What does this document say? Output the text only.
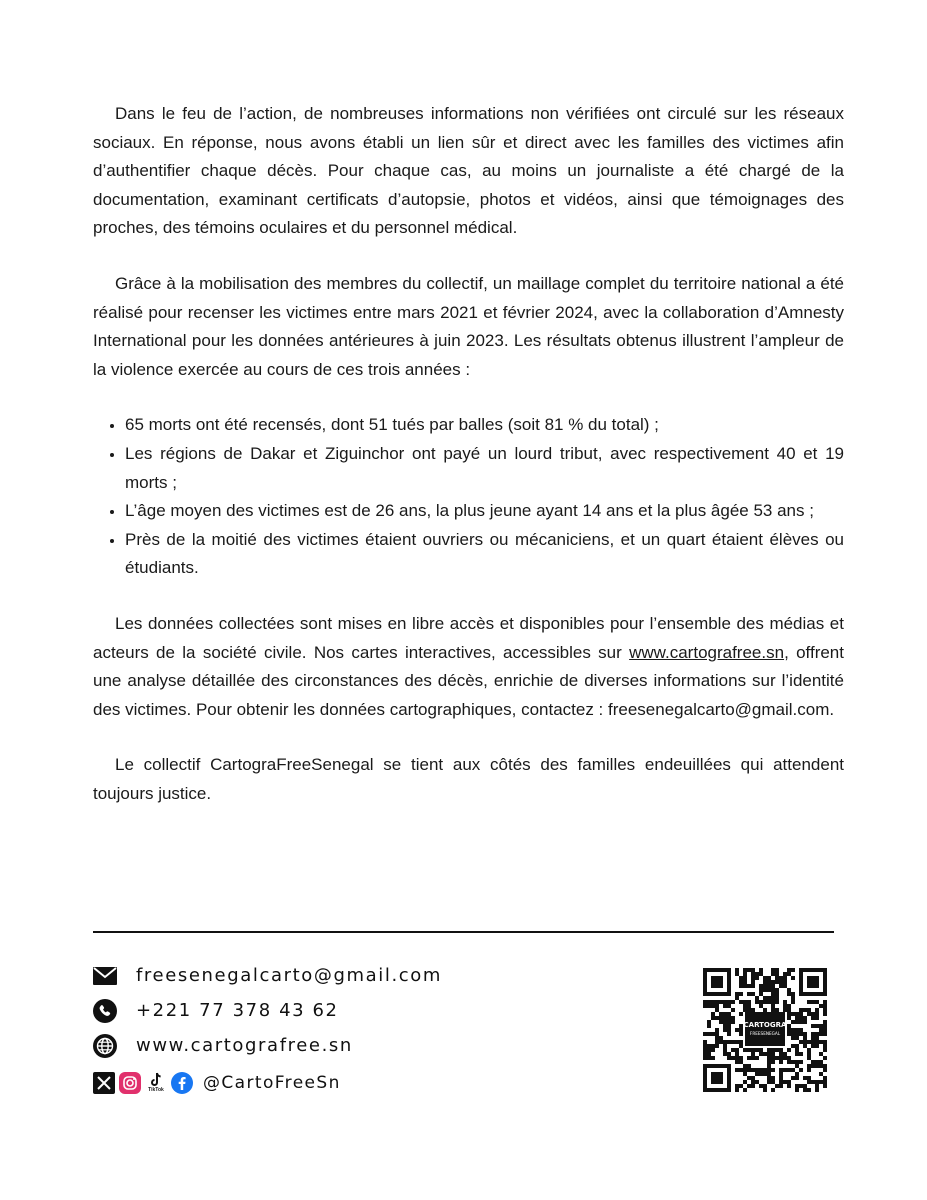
Dans le feu de l’action, de nombreuses informations non vérifiées ont circulé sur les réseaux sociaux. En réponse, nous avons établi un lien sûr et direct avec les familles des victimes afin d’authentifier chaque décès. Pour chaque cas, au moins un journaliste a été chargé de la documentation, examinant certificats d’autopsie, photos et vidéos, ainsi que témoignages des proches, des témoins oculaires et du personnel médical.

Grâce à la mobilisation des membres du collectif, un maillage complet du territoire national a été réalisé pour recenser les victimes entre mars 2021 et février 2024, avec la collaboration d’Amnesty International pour les données antérieures à juin 2023. Les résultats obtenus illustrent l’ampleur de la violence exercée au cours de ces trois années :

• 65 morts ont été recensés, dont 51 tués par balles (soit 81 % du total) ;
• Les régions de Dakar et Ziguinchor ont payé un lourd tribut, avec respectivement 40 et 19 morts ;
• L’âge moyen des victimes est de 26 ans, la plus jeune ayant 14 ans et la plus âgée 53 ans ;
• Près de la moitié des victimes étaient ouvriers ou mécaniciens, et un quart étaient élèves ou étudiants.

Les données collectées sont mises en libre accès et disponibles pour l’ensemble des médias et acteurs de la société civile. Nos cartes interactives, accessibles sur www.cartografree.sn, offrent une analyse détaillée des circonstances des décès, enrichie de diverses informations sur l’identité des victimes. Pour obtenir les données cartographiques, contactez : freesenegalcarto@gmail.com.

Le collectif CartograFreeSenegal se tient aux côtés des familles endeuillées qui attendent toujours justice.

freesenegalcarto@gmail.com
+221 77 378 43 62
www.cartografree.sn
TikTok @CartoFreeSn
CARTOGRA
FREESENEGAL
